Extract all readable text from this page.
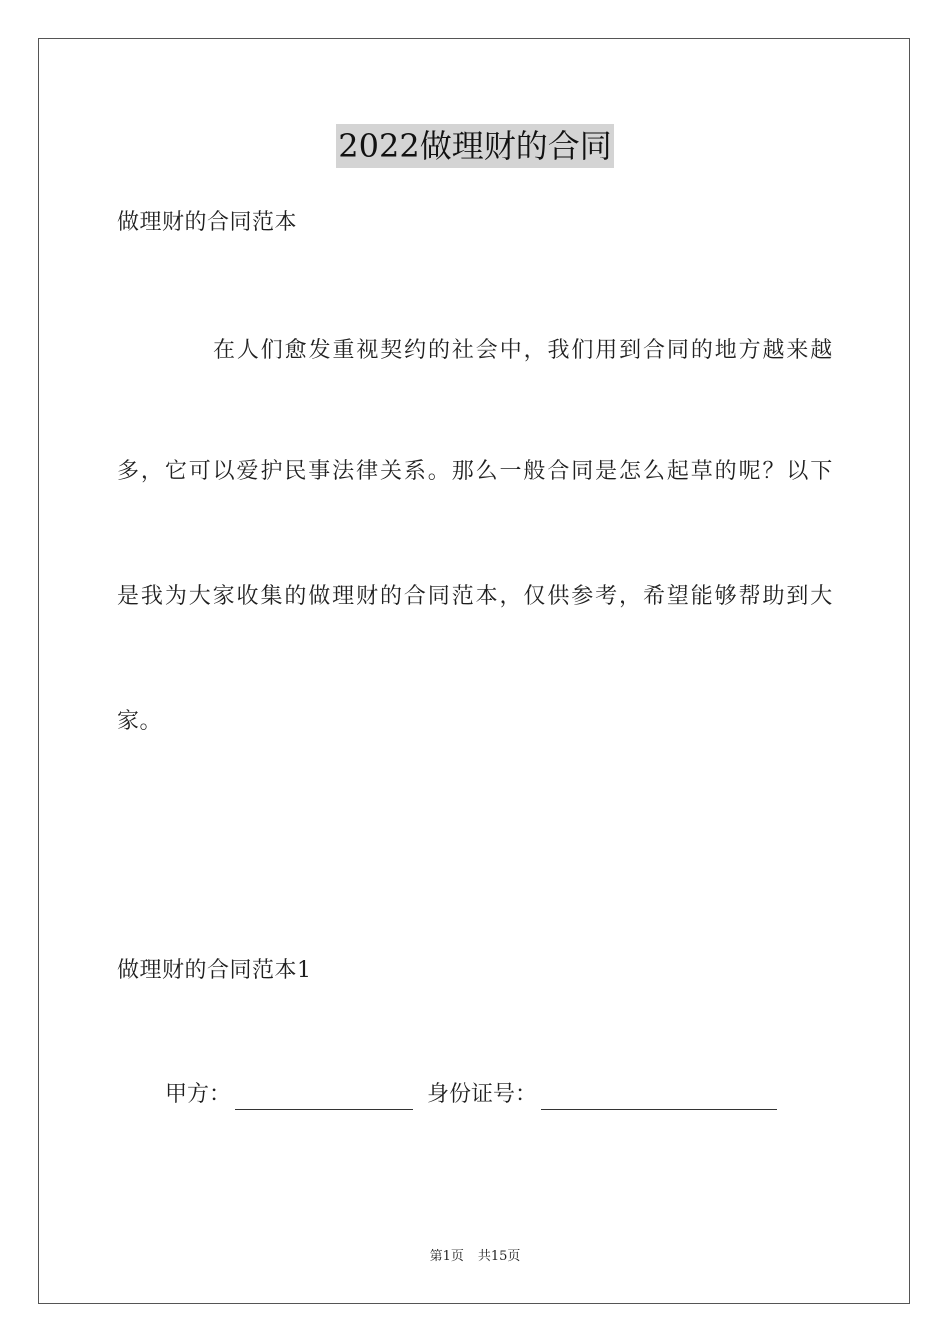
2022做理财的合同
做理财的合同范本
在 人 们 愈 发 重 视 契 约 的 社 会 中 ， 我 们 用 到 合 同 的 地 方 越 来 越
多 ， 它 可 以 爱 护 民 事 法 律 关 系 。 那 么 一 般 合 同 是 怎 么 起 草 的 呢 ？ 以 下
是 我 为 大 家 收 集 的 做 理 财 的 合 同 范 本 ， 仅 供 参 考 ， 希 望 能 够 帮 助 到 大
家。
做理财的合同范本1
甲方：	身份证号：
第1页 共15页
